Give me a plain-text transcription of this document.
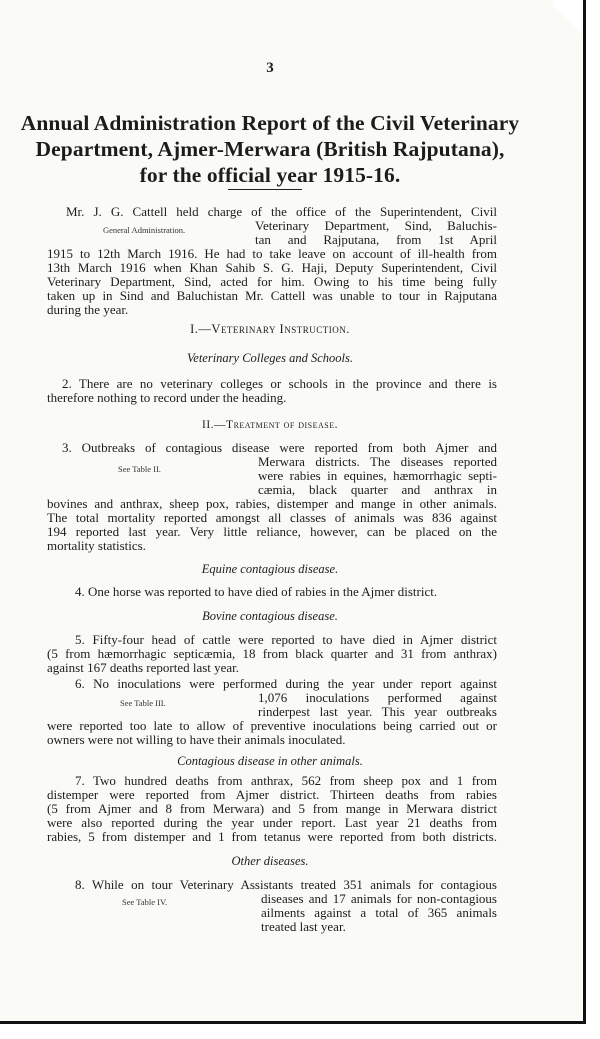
3
Annual Administration Report of the Civil Veterinary
Department, Ajmer-Merwara (British Rajputana),
for the official year 1915-16.
Mr. J. G. Cattell held charge of the office of the Superintendent, Civil
General Administration.	Veterinary Department, Sind, Baluchis-
tan and Rajputana, from 1st April
1915 to 12th March 1916. He had to take leave on account of ill-health from
13th March 1916 when Khan Sahib S. G. Haji, Deputy Superintendent, Civil
Veterinary Department, Sind, acted for him. Owing to his time being fully
taken up in Sind and Baluchistan Mr. Cattell was unable to tour in Rajputana
during the year.
I.—Veterinary Instruction.
Veterinary Colleges and Schools.
2. There are no veterinary colleges or schools in the province and there is
therefore nothing to record under the heading.
II.—Treatment of disease.
3. Outbreaks of contagious disease were reported from both Ajmer and
Merwara districts. The diseases reported
See Table II.	were rabies in equines, hæmorrhagic septi-
cæmia, black quarter and anthrax in
bovines and anthrax, sheep pox, rabies, distemper and mange in other animals.
The total mortality reported amongst all classes of animals was 836 against
194 reported last year. Very little reliance, however, can be placed on the
mortality statistics.
Equine contagious disease.
4. One horse was reported to have died of rabies in the Ajmer district.
Bovine contagious disease.
5. Fifty-four head of cattle were reported to have died in Ajmer district
(5 from hæmorrhagic septicæmia, 18 from black quarter and 31 from anthrax)
against 167 deaths reported last year.
6. No inoculations were performed during the year under report against
1,076 inoculations performed against
See Table III.
rinderpest last year. This year outbreaks
were reported too late to allow of preventive inoculations being carried out or
owners were not willing to have their animals inoculated.
Contagious disease in other animals.
7. Two hundred deaths from anthrax, 562 from sheep pox and 1 from
distemper were reported from Ajmer district. Thirteen deaths from rabies
(5 from Ajmer and 8 from Merwara) and 5 from mange in Merwara district
were also reported during the year under report. Last year 21 deaths from
rabies, 5 from distemper and 1 from tetanus were reported from both districts.
Other diseases.
8. While on tour Veterinary Assistants treated 351 animals for contagious
diseases and 17 animals for non-contagious
See Table IV.
ailments against a total of 365 animals
treated last year.
